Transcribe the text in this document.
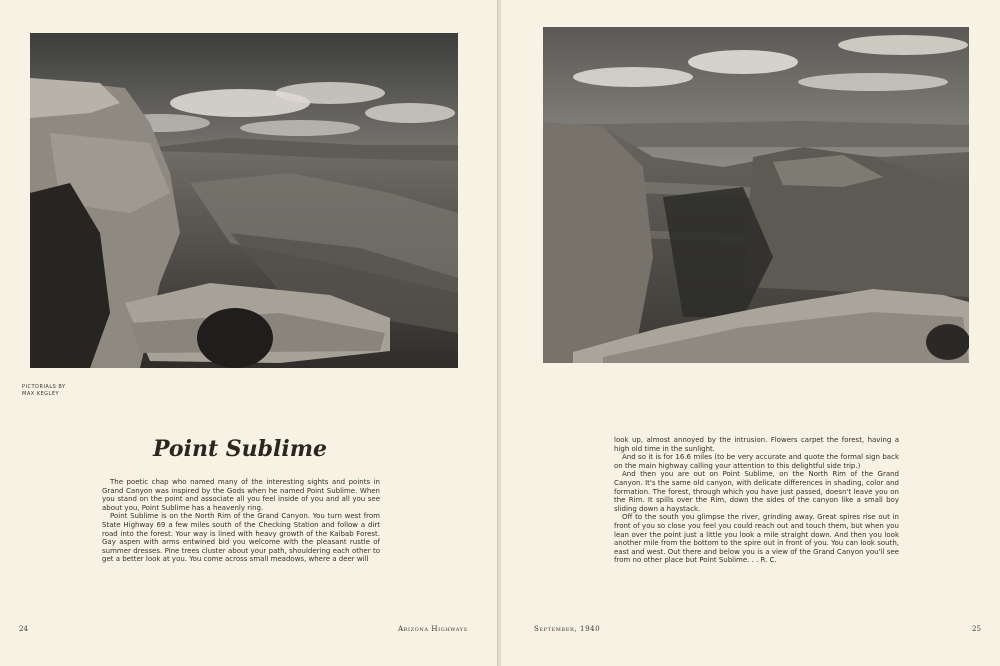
PICTORIALS BY
MAX KEGLEY
Point Sublime

The poetic chap who named many of the interesting sights and points in Grand Canyon was inspired by the Gods when he named Point Sublime. When you stand on the point and associate all you feel inside of you and all you see about you, Point Sublime has a heavenly ring.

Point Sublime is on the North Rim of the Grand Canyon. You turn west from State Highway 69 a few miles south of the Checking Station and follow a dirt road into the forest. Your way is lined with heavy growth of the Kaibab Forest. Gay aspen with arms entwined bid you welcome with the pleasant rustle of summer dresses. Pine trees cluster about your path, shouldering each other to get a better look at you. You come across small meadows, where a deer will

24	Arizona Highways

look up, almost annoyed by the intrusion. Flowers carpet the forest, having a high old time in the sunlight.

And so it is for 16.6 miles (to be very accurate and quote the formal sign back on the main highway calling your attention to this delightful side trip.)

And then you are out on Point Sublime, on the North Rim of the Grand Canyon. It's the same old canyon, with delicate differences in shading, color and formation. The forest, through which you have just passed, doesn't leave you on the Rim. It spills over the Rim, down the sides of the canyon like a small boy sliding down a haystack.

Off to the south you glimpse the river, grinding away. Great spires rise out in front of you so close you feel you could reach out and touch them, but when you lean over the point just a little you look a mile straight down. And then you look another mile from the bottom to the spire out in front of you. You can look south, east and west. Out there and below you is a view of the Grand Canyon you'll see from no other place but Point Sublime. . . R. C.

September, 1940	25
